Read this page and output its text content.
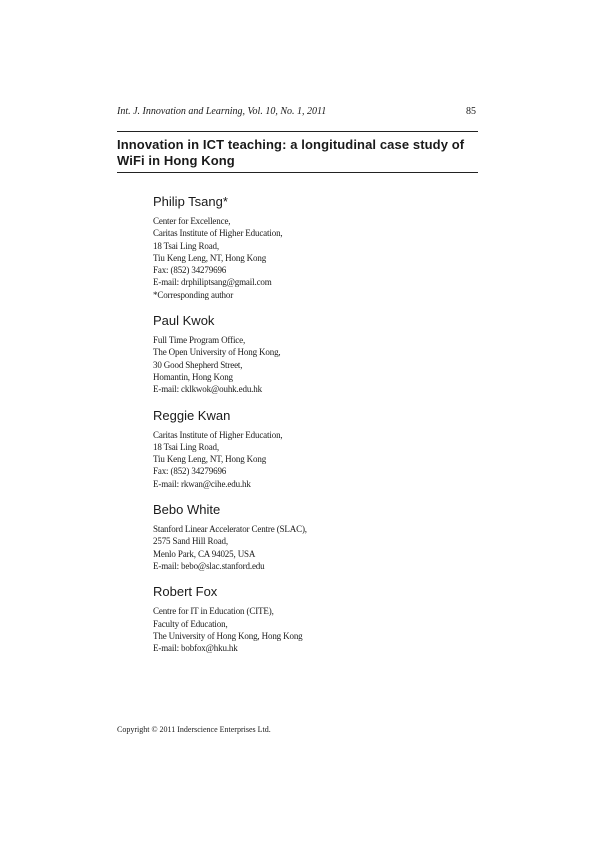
Int. J. Innovation and Learning, Vol. 10, No. 1, 2011	85
Innovation in ICT teaching: a longitudinal case study of WiFi in Hong Kong
Philip Tsang*
Center for Excellence,
Caritas Institute of Higher Education,
18 Tsai Ling Road,
Tiu Keng Leng, NT, Hong Kong
Fax: (852) 34279696
E-mail: drphiliptsang@gmail.com
*Corresponding author
Paul Kwok
Full Time Program Office,
The Open University of Hong Kong,
30 Good Shepherd Street,
Homantin, Hong Kong
E-mail: cklkwok@ouhk.edu.hk
Reggie Kwan
Caritas Institute of Higher Education,
18 Tsai Ling Road,
Tiu Keng Leng, NT, Hong Kong
Fax: (852) 34279696
E-mail: rkwan@cihe.edu.hk
Bebo White
Stanford Linear Accelerator Centre (SLAC),
2575 Sand Hill Road,
Menlo Park, CA 94025, USA
E-mail: bebo@slac.stanford.edu
Robert Fox
Centre for IT in Education (CITE),
Faculty of Education,
The University of Hong Kong, Hong Kong
E-mail: bobfox@hku.hk
Copyright © 2011 Inderscience Enterprises Ltd.
